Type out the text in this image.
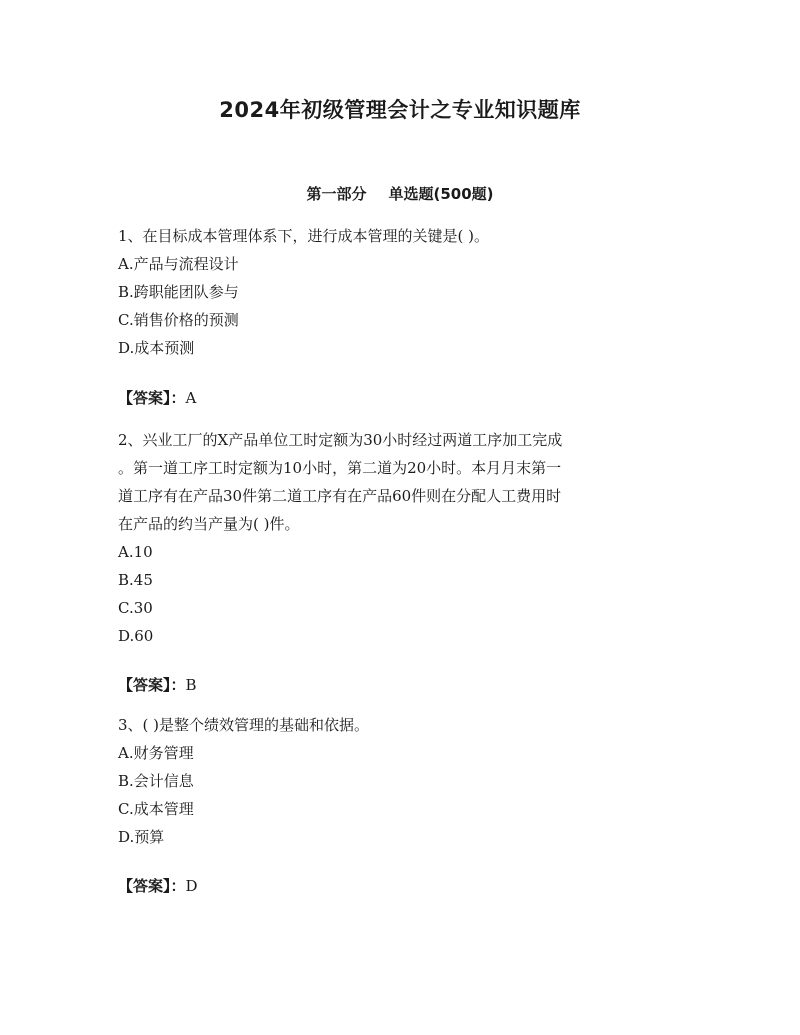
2024年初级管理会计之专业知识题库
第一部分 单选题(500题)
1、在目标成本管理体系下，进行成本管理的关键是( )。
A.产品与流程设计
B.跨职能团队参与
C.销售价格的预测
D.成本预测
【答案】：A
2、兴业工厂的X产品单位工时定额为30小时经过两道工序加工完成
。第一道工序工时定额为10小时，第二道为20小时。本月月末第一
道工序有在产品30件第二道工序有在产品60件则在分配人工费用时
在产品的约当产量为( )件。
A.10
B.45
C.30
D.60
【答案】：B
3、( )是整个绩效管理的基础和依据。
A.财务管理
B.会计信息
C.成本管理
D.预算
【答案】：D
